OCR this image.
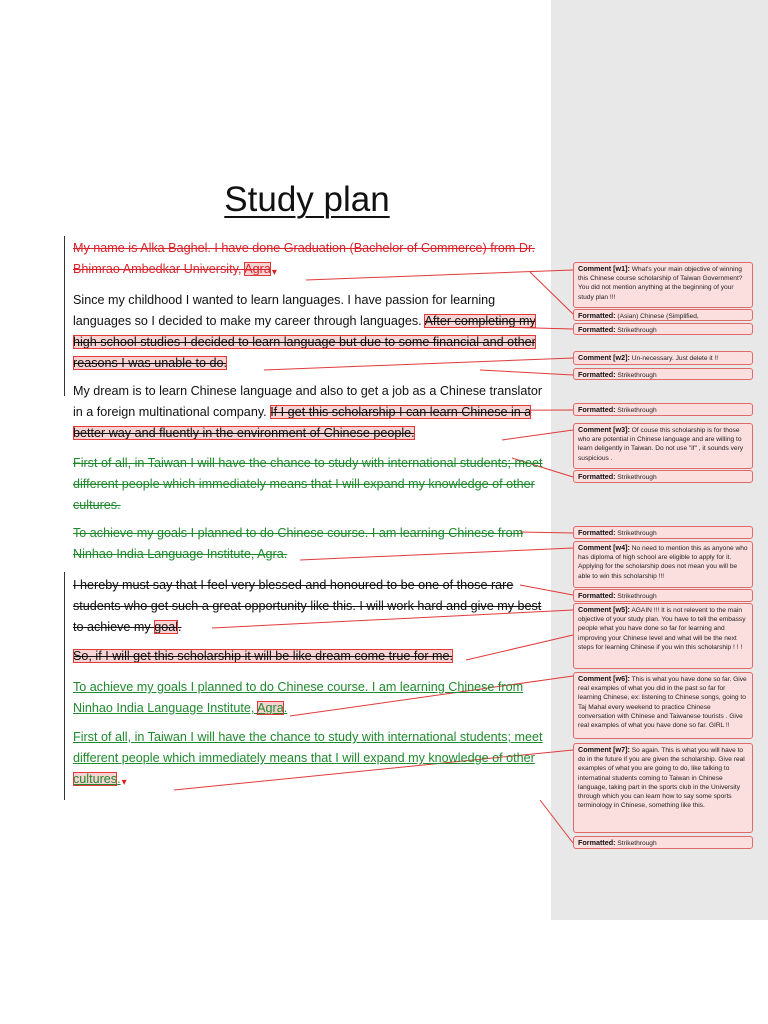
Study plan
My name is Alka Baghel. I have done Graduation (Bachelor of Commerce) from Dr. Bhimrao Ambedkar University, Agra▾
Since my childhood I wanted to learn languages. I have passion for learning languages so I decided to make my career through languages. After completing my high school studies I decided to learn language but due to some financial and other reasons I was unable to do.
My dream is to learn Chinese language and also to get a job as a Chinese translator in a foreign multinational company. If I get this scholarship I can learn Chinese in a better way and fluently in the environment of Chinese people.
First of all, in Taiwan I will have the chance to study with international students; meet different people which immediately means that I will expand my knowledge of other cultures.
To achieve my goals I planned to do Chinese course. I am learning Chinese from Ninhao India Language Institute, Agra.
I hereby must say that I feel very blessed and honoured to be one of those rare students who get such a great opportunity like this. I will work hard and give my best to achieve my goal.
So, if I will get this scholarship it will be like dream come true for me.
To achieve my goals I planned to do Chinese course. I am learning Chinese from Ninhao India Language Institute, Agra.
First of all, in Taiwan I will have the chance to study with international students; meet different people which immediately means that I will expand my knowledge of other cultures.▾
Comment [w1]: What's your main objective of winning this Chinese course scholarship of Taiwan Government? You did not mention anything at the beginning of your study plan !!!
Formatted: (Asian) Chinese (Simplified,
Formatted: Strikethrough
Comment [w2]: Un-necessary. Just delete it !!
Formatted: Strikethrough
Formatted: Strikethrough
Comment [w3]: Of couse this scholarship is for those who are potential in Chinese language and are willing to learn deligently in Taiwan. Do not use "if" , it sounds very suspicious .
Formatted: Strikethrough
Formatted: Strikethrough
Comment [w4]: No need to mention this as anyone who has diploma of high school are eligible to apply for it. Applying for the scholarship does not mean you will be able to win this scholarship !!!
Formatted: Strikethrough
Comment [w5]: AGAIN !!! It is not relevent to the main objective of your study plan. You have to tell the embassy people what you have done so far for learning and improving your Chinese level and what will be the next steps for learning Chinese if you win this scholarship ! ! !
Comment [w6]: This is what you have done so far. Give real examples of what you did in the past so far for learning Chinese, ex: listening to Chinese songs, going to Taj Mahal every weekend to practice Chinese conversation with Chinese and Taiwanese tourists . Give real examples of what you have done so far. GIRL !!
Comment [w7]: So again. This is what you will have to do in the future if you are given the scholarship. Give real examples of what you are going to do, like talking to internatinal students coming to Taiwan in Chinese language, taking part in the sports club in the University through which you can learn how to say some sports terminology in Chinese, something like this.
Formatted: Strikethrough
